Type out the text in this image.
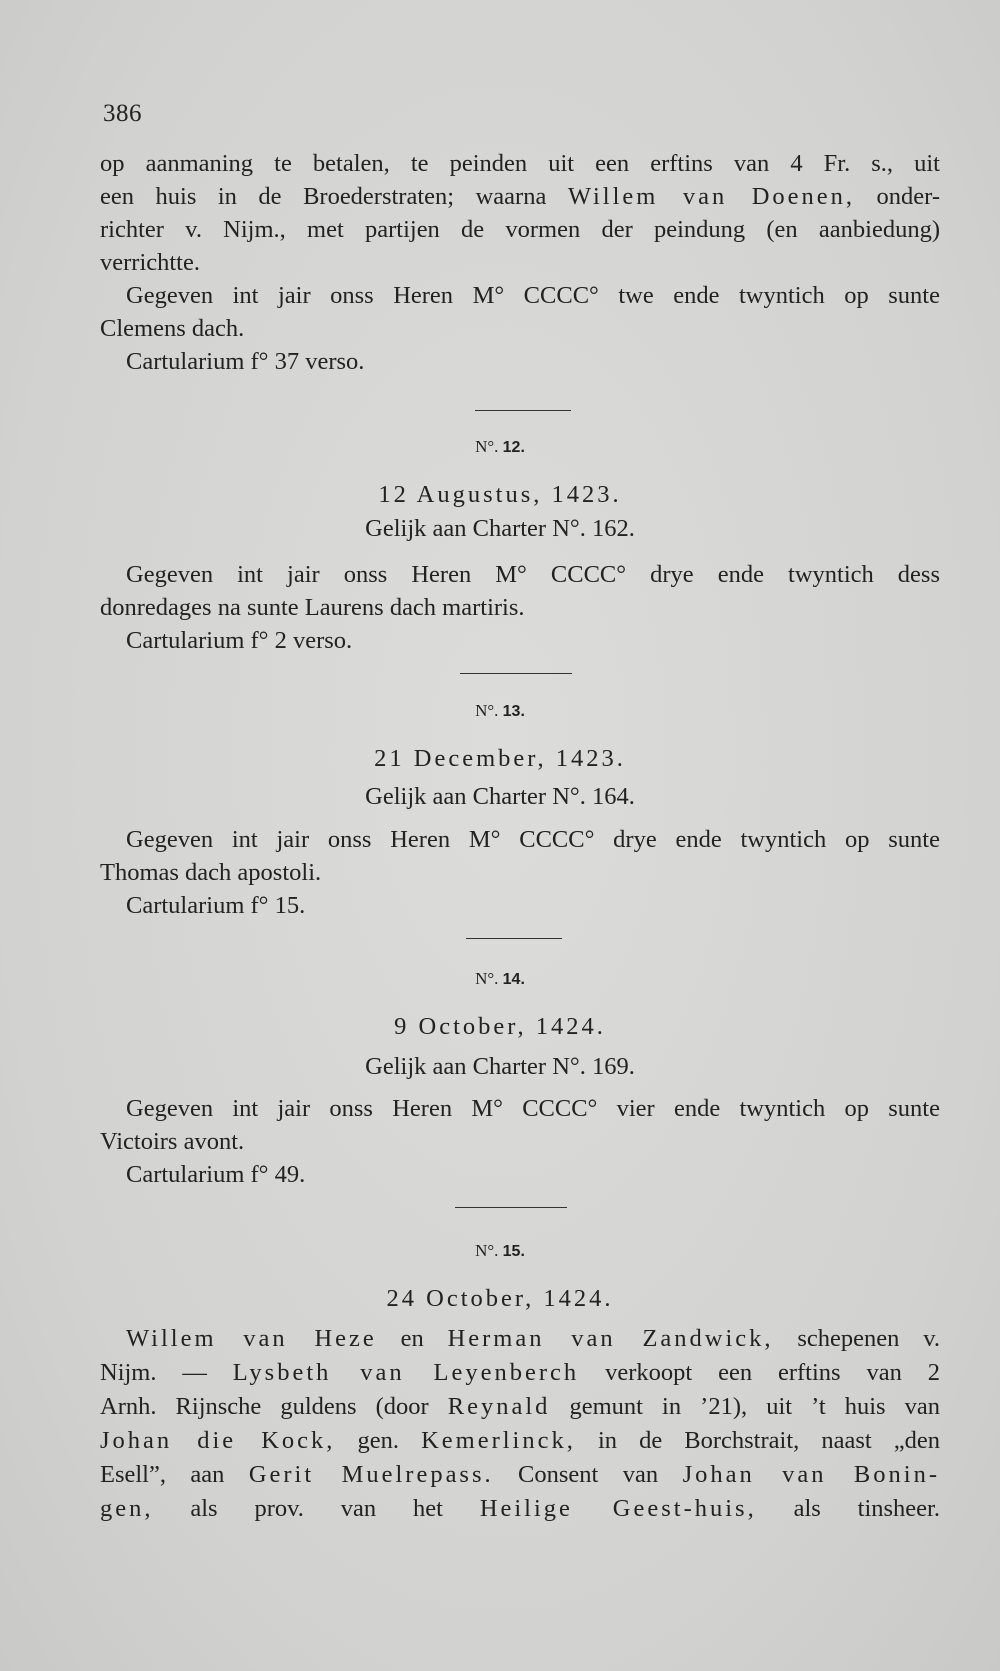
386
op aanmaning te betalen, te peinden uit een erftins van 4 Fr. s., uit
een huis in de Broederstraten; waarna Willem van Doenen, onder-
richter v. Nijm., met partijen de vormen der peindung (en aanbiedung)
verrichtte.
Gegeven int jair onss Heren M° CCCC° twe ende twyntich op sunte
Clemens dach.
Cartularium f° 37 verso.
N°. 12.
12 Augustus, 1423.
Gelijk aan Charter N°. 162.
Gegeven int jair onss Heren M° CCCC° drye ende twyntich dess
donredages na sunte Laurens dach martiris.
Cartularium f° 2 verso.
N°. 13.
21 December, 1423.
Gelijk aan Charter N°. 164.
Gegeven int jair onss Heren M° CCCC° drye ende twyntich op sunte
Thomas dach apostoli.
Cartularium f° 15.
N°. 14.
9 October, 1424.
Gelijk aan Charter N°. 169.
Gegeven int jair onss Heren M° CCCC° vier ende twyntich op sunte
Victoirs avont.
Cartularium f° 49.
N°. 15.
24 October, 1424.
Willem van Heze en Herman van Zandwick, schepenen v.
Nijm. — Lysbeth van Leyenberch verkoopt een erftins van 2
Arnh. Rijnsche guldens (door Reynald gemunt in ’21), uit ’t huis van
Johan die Kock, gen. Kemerlinck, in de Borchstrait, naast „den
Esell”, aan Gerit Muelrepass. Consent van Johan van Bonin-
gen, als prov. van het Heilige Geest-huis, als tinsheer.
